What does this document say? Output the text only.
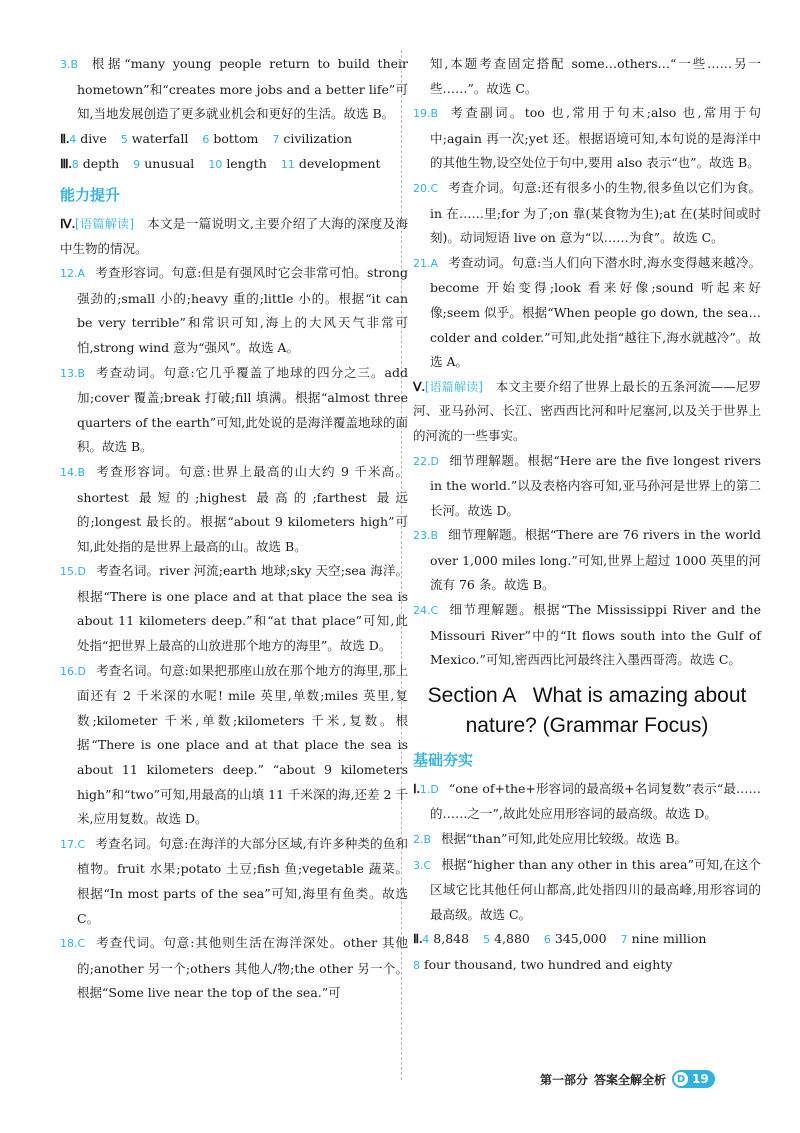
3.B 根据“many young people return to build their hometown”和“creates more jobs and a better life”可知,当地发展创造了更多就业机会和更好的生活。故选 B。

Ⅱ.4 dive 5 waterfall 6 bottom 7 civilization

Ⅲ.8 depth 9 unusual 10 length 11 development

能力提升

Ⅳ.[语篇解读]　 本文是一篇说明文,主要介绍了大海的深度及海中生物的情况。

12.A 考查形容词。句意:但是有强风时它会非常可怕。strong 强劲的;small 小的;heavy 重的;little 小的。根据“it can be very terrible”和常识可知,海上的大风天气非常可怕,strong wind 意为“强风”。故选 A。

13.B 考查动词。句意:它几乎覆盖了地球的四分之三。add 加;cover 覆盖;break 打破;fill 填满。根据“almost three quarters of the earth”可知,此处说的是海洋覆盖地球的面积。故选 B。

14.B 考查形容词。句意:世界上最高的山大约 9 千米高。shortest 最短的;highest 最高的;farthest 最远的;longest 最长的。根据“about 9 kilometers high”可知,此处指的是世界上最高的山。故选 B。

15.D 考查名词。river 河流;earth 地球;sky 天空;sea 海洋。根据“There is one place and at that place the sea is about 11 kilometers deep.”和“at that place”可知,此处指“把世界上最高的山放进那个地方的海里”。故选 D。

16.D 考查名词。句意:如果把那座山放在那个地方的海里,那上面还有 2 千米深的水呢! mile 英里,单数;miles 英里,复数;kilometer 千米,单数;kilometers 千米,复数。根据“There is one place and at that place the sea is about 11 kilometers deep.” “about 9 kilometers high”和“two”可知,用最高的山填 11 千米深的海,还差 2 千米,应用复数。故选 D。

17.C 考查名词。句意:在海洋的大部分区域,有许多种类的鱼和植物。fruit 水果;potato 土豆;fish 鱼;vegetable 蔬菜。根据“In most parts of the sea”可知,海里有鱼类。故选 C。

18.C 考查代词。句意:其他则生活在海洋深处。other 其他的;another 另一个;others 其他人/物;the other 另一个。根据“Some live near the top of the sea.”可

知,本题考查固定搭配 some…others…“一些……另一些……”。故选 C。

19.B 考查副词。too 也,常用于句末;also 也,常用于句中;again 再一次;yet 还。根据语境可知,本句说的是海洋中的其他生物,设空处位于句中,要用 also 表示“也”。故选 B。

20.C 考查介词。句意:还有很多小的生物,很多鱼以它们为食。in 在……里;for 为了;on 靠(某食物为生);at 在(某时间或时刻)。动词短语 live on 意为“以……为食”。故选 C。

21.A 考查动词。句意:当人们向下潜水时,海水变得越来越冷。become 开始变得;look 看来好像;sound 听起来好像;seem 似乎。根据“When people go down, the sea…colder and colder.”可知,此处指“越往下,海水就越冷”。故选 A。

Ⅴ.[语篇解读]　 本文主要介绍了世界上最长的五条河流——尼罗河、亚马孙河、长江、密西西比河和叶尼塞河,以及关于世界上的河流的一些事实。

22.D 细节理解题。根据“Here are the five longest rivers in the world.”以及表格内容可知,亚马孙河是世界上的第二长河。故选 D。

23.B 细节理解题。根据“There are 76 rivers in the world over 1,000 miles long.”可知,世界上超过 1000 英里的河流有 76 条。故选 B。

24.C 细节理解题。根据“The Mississippi River and the Missouri River”中的“It flows south into the Gulf of Mexico.”可知,密西西比河最终注入墨西哥湾。故选 C。

Section A   What is amazing about
nature? (Grammar Focus)
基础夯实

Ⅰ.1.D “one of+the+形容词的最高级+名词复数”表示“最……的……之一”,故此处应用形容词的最高级。故选 D。

2.B 根据“than”可知,此处应用比较级。故选 B。

3.C 根据“higher than any other in this area”可知,在这个区域它比其他任何山都高,此处指四川的最高峰,用形容词的最高级。故选 C。

Ⅱ.4 8,848 5 4,880 6 345,000 7 nine million

8 four thousand, two hundred and eighty

第一部分 答案全解全析 D 19
